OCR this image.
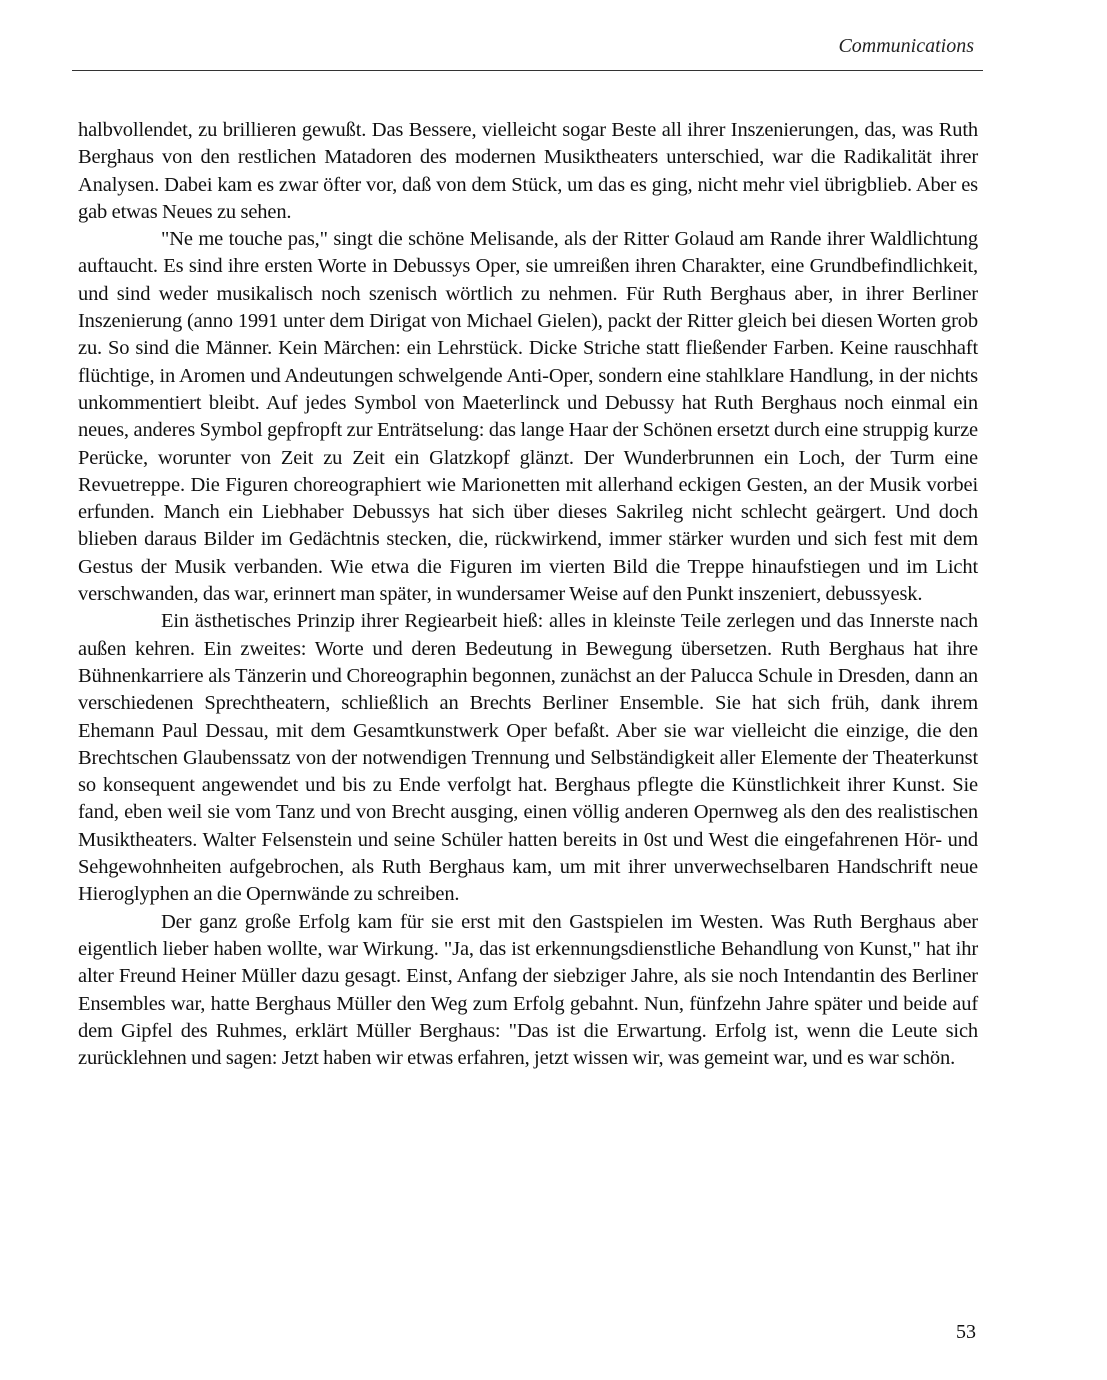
Communications

halbvollendet, zu brillieren gewußt. Das Bessere, vielleicht sogar Beste all ihrer Inszenierungen, das, was Ruth Berghaus von den restlichen Matadoren des modernen Musiktheaters unterschied, war die Radikalität ihrer Analysen. Dabei kam es zwar öfter vor, daß von dem Stück, um das es ging, nicht mehr viel übrigblieb. Aber es gab etwas Neues zu sehen.

"Ne me touche pas," singt die schöne Melisande, als der Ritter Golaud am Rande ihrer Waldlichtung auftaucht. Es sind ihre ersten Worte in Debussys Oper, sie umreißen ihren Charakter, eine Grundbefindlichkeit, und sind weder musikalisch noch szenisch wörtlich zu nehmen. Für Ruth Berghaus aber, in ihrer Berliner Inszenierung (anno 1991 unter dem Dirigat von Michael Gielen), packt der Ritter gleich bei diesen Worten grob zu. So sind die Männer. Kein Märchen: ein Lehrstück. Dicke Striche statt fließender Farben. Keine rauschhaft flüchtige, in Aromen und Andeutungen schwelgende Anti-Oper, sondern eine stahlklare Handlung, in der nichts unkommentiert bleibt. Auf jedes Symbol von Maeterlinck und Debussy hat Ruth Berghaus noch einmal ein neues, anderes Symbol gepfropft zur Enträtselung: das lange Haar der Schönen ersetzt durch eine struppig kurze Perücke, worunter von Zeit zu Zeit ein Glatzkopf glänzt. Der Wunderbrunnen ein Loch, der Turm eine Revuetreppe. Die Figuren choreographiert wie Marionetten mit allerhand eckigen Gesten, an der Musik vorbei erfunden. Manch ein Liebhaber Debussys hat sich über dieses Sakrileg nicht schlecht geärgert. Und doch blieben daraus Bilder im Gedächtnis stecken, die, rückwirkend, immer stärker wurden und sich fest mit dem Gestus der Musik verbanden. Wie etwa die Figuren im vierten Bild die Treppe hinaufstiegen und im Licht verschwanden, das war, erinnert man später, in wundersamer Weise auf den Punkt inszeniert, debussyesk.

Ein ästhetisches Prinzip ihrer Regiearbeit hieß: alles in kleinste Teile zerlegen und das Innerste nach außen kehren. Ein zweites: Worte und deren Bedeutung in Bewegung übersetzen. Ruth Berghaus hat ihre Bühnenkarriere als Tänzerin und Choreographin begonnen, zunächst an der Palucca Schule in Dresden, dann an verschiedenen Sprechtheatern, schließlich an Brechts Berliner Ensemble. Sie hat sich früh, dank ihrem Ehemann Paul Dessau, mit dem Gesamtkunstwerk Oper befaßt. Aber sie war vielleicht die einzige, die den Brechtschen Glaubenssatz von der notwendigen Trennung und Selbständigkeit aller Elemente der Theaterkunst so konsequent angewendet und bis zu Ende verfolgt hat. Berghaus pflegte die Künstlichkeit ihrer Kunst. Sie fand, eben weil sie vom Tanz und von Brecht ausging, einen völlig anderen Opernweg als den des realistischen Musiktheaters. Walter Felsenstein und seine Schüler hatten bereits in 0st und West die eingefahrenen Hör- und Sehgewohnheiten aufgebrochen, als Ruth Berghaus kam, um mit ihrer unverwechselbaren Handschrift neue Hieroglyphen an die Opernwände zu schreiben.

Der ganz große Erfolg kam für sie erst mit den Gastspielen im Westen. Was Ruth Berghaus aber eigentlich lieber haben wollte, war Wirkung. "Ja, das ist erkennungsdienstliche Behandlung von Kunst," hat ihr alter Freund Heiner Müller dazu gesagt. Einst, Anfang der siebziger Jahre, als sie noch Intendantin des Berliner Ensembles war, hatte Berghaus Müller den Weg zum Erfolg gebahnt. Nun, fünfzehn Jahre später und beide auf dem Gipfel des Ruhmes, erklärt Müller Berghaus: "Das ist die Erwartung. Erfolg ist, wenn die Leute sich zurücklehnen und sagen: Jetzt haben wir etwas erfahren, jetzt wissen wir, was gemeint war, und es war schön.

53
